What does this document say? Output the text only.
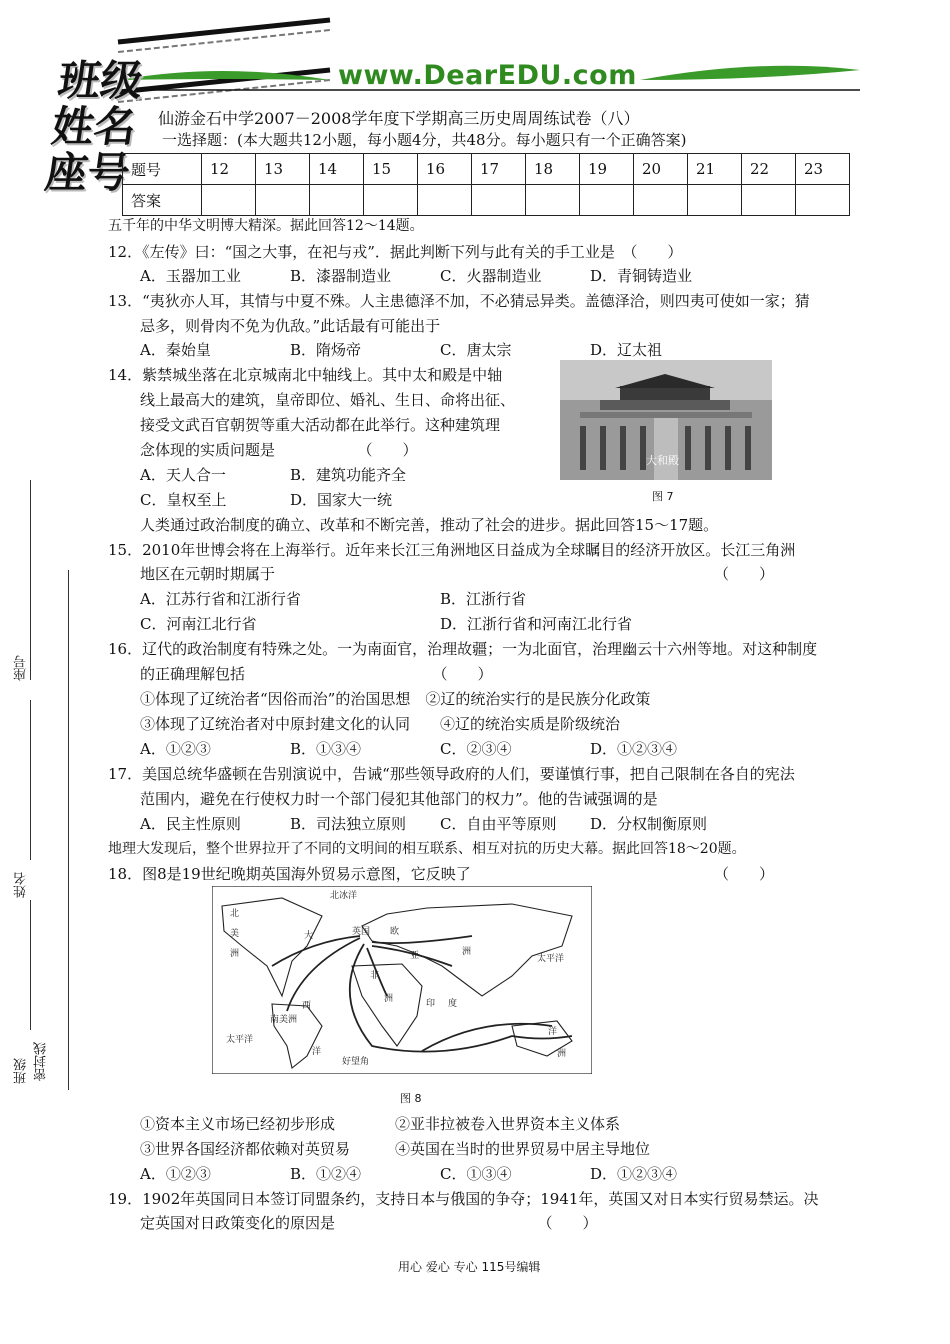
班级
姓名
座号
www.DearEDU.com
仙游金石中学2007－2008学年度下学期高三历史周周练试卷（八）
一选择题：(本大题共12小题，每小题4分，共48分。每小题只有一个正确答案)
题号	12	13	14	15	16	17	18	19	20	21	22	23
答案												
座号
姓名
班级 密封线
五千年的中华文明博大精深。据此回答12～14题。
12．《左传》曰：“国之大事，在祀与戎”．据此判断下列与此有关的手工业是　（　　）
A．玉器加工业	B．漆器制造业	C．火器制造业	D．青铜铸造业
13．“夷狄亦人耳，其情与中夏不殊。人主患德泽不加，不必猜忌异类。盖德泽洽，则四夷可使如一家；猜
忌多，则骨肉不免为仇敌。”此话最有可能出于
A．秦始皇	B．隋炀帝	C．唐太宗	D．辽太祖
14．紫禁城坐落在北京城南北中轴线上。其中太和殿是中轴
线上最高大的建筑，皇帝即位、婚礼、生日、命将出征、
接受文武百官朝贺等重大活动都在此举行。这种建筑理
念体现的实质问题是　　　　　　（　　）
A．天人合一	B．建筑功能齐全
C．皇权至上	D．国家大一统
大和殿
图 7
人类通过政治制度的确立、改革和不断完善，推动了社会的进步。据此回答15～17题。
15．2010年世博会将在上海举行。近年来长江三角洲地区日益成为全球瞩目的经济开放区。长江三角洲
地区在元朝时期属于	（　　）
A．江苏行省和江浙行省	B．江浙行省
C．河南江北行省	D．江浙行省和河南江北行省
16．辽代的政治制度有特殊之处。一为南面官，治理故疆；一为北面官，治理幽云十六州等地。对这种制度
的正确理解包括　　　　　　　　　　　　　（　　）
①体现了辽统治者“因俗而治”的治国思想　②辽的统治实行的是民族分化政策
③体现了辽统治者对中原封建文化的认同　　④辽的统治实质是阶级统治
A．①②③	B．①③④	C．②③④	D．①②③④
17．美国总统华盛顿在告别演说中，告诫“那些领导政府的人们，要谨慎行事，把自己限制在各自的宪法
范围内，避免在行使权力时一个部门侵犯其他部门的权力”。他的告诫强调的是
A．民主性原则	B．司法独立原则 C．自由平等原则 D．分权制衡原则
地理大发现后，整个世界拉开了不同的文明间的相互联系、相互对抗的历史大幕。据此回答18～20题。
18．图8是19世纪晚期英国海外贸易示意图，它反映了	（　　）
北冰洋
北
美
洲
大	英国 欧
亚
非
洲
太平洋
西
南美洲
太平洋
印 度
洋
洋
好望角
洲
洲
图 8
①资本主义市场已经初步形成　　　　②亚非拉被卷入世界资本主义体系
③世界各国经济都依赖对英贸易　　　④英国在当时的世界贸易中居主导地位
A．①②③	B．①②④	C．①③④	D．①②③④
19．1902年英国同日本签订同盟条约，支持日本与俄国的争夺；1941年，英国又对日本实行贸易禁运。决
定英国对日政策变化的原因是　　　　　　　　　　　　　　（　　）
用心 爱心 专心 115号编辑
